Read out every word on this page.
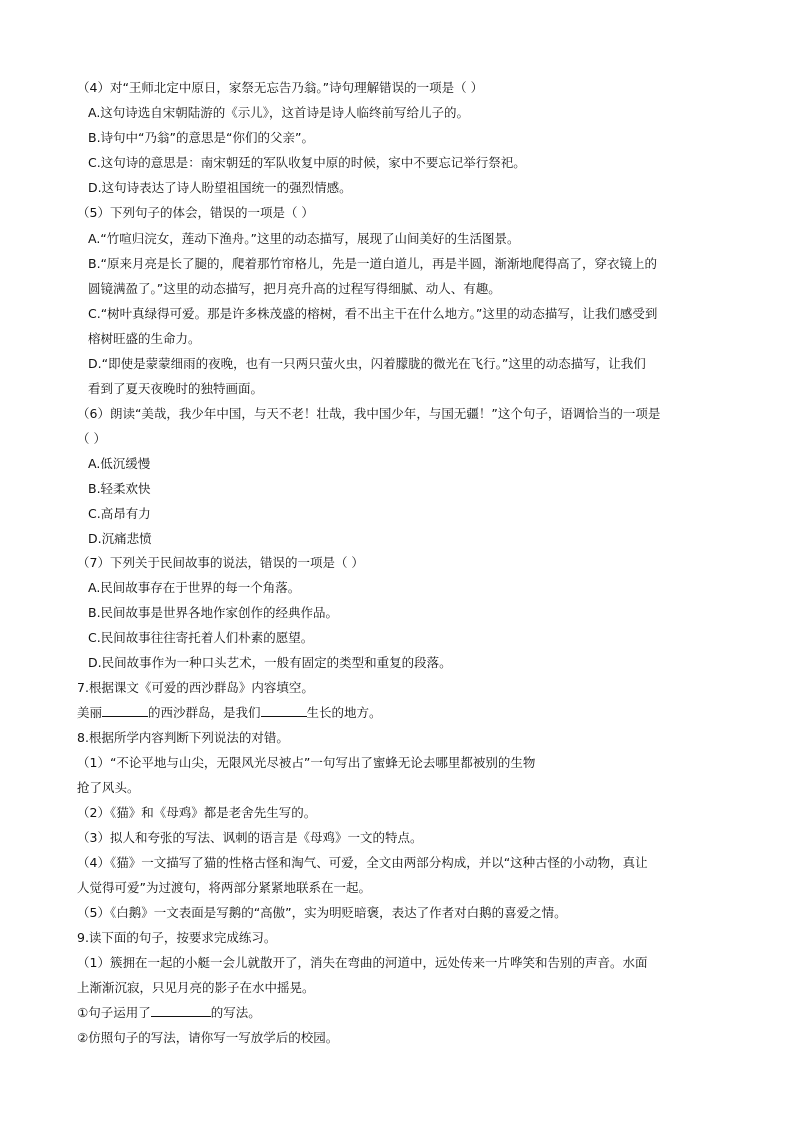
（4）对“王师北定中原日，家祭无忘告乃翁。”诗句理解错误的一项是（ ）
A.这句诗选自宋朝陆游的《示儿》，这首诗是诗人临终前写给儿子的。
B.诗句中“乃翁”的意思是“你们的父亲”。
C.这句诗的意思是：南宋朝廷的军队收复中原的时候，家中不要忘记举行祭祀。
D.这句诗表达了诗人盼望祖国统一的强烈情感。
（5）下列句子的体会，错误的一项是（ ）
A.“竹喧归浣女，莲动下渔舟。”这里的动态描写，展现了山间美好的生活图景。
B.“原来月亮是长了腿的，爬着那竹帘格儿，先是一道白道儿，再是半圆，渐渐地爬得高了，穿衣镜上的
圆镜满盈了。”这里的动态描写，把月亮升高的过程写得细腻、动人、有趣。
C.“树叶真绿得可爱。那是许多株茂盛的榕树，看不出主干在什么地方。”这里的动态描写，让我们感受到
榕树旺盛的生命力。
D.“即使是蒙蒙细雨的夜晚，也有一只两只萤火虫，闪着朦胧的微光在飞行。”这里的动态描写，让我们
看到了夏天夜晚时的独特画面。
（6）朗读“美哉，我少年中国，与天不老！壮哉，我中国少年，与国无疆！”这个句子，语调恰当的一项是
（ ）
A.低沉缓慢
B.轻柔欢快
C.高昂有力
D.沉痛悲愤
（7）下列关于民间故事的说法，错误的一项是（ ）
A.民间故事存在于世界的每一个角落。
B.民间故事是世界各地作家创作的经典作品。
C.民间故事往往寄托着人们朴素的愿望。
D.民间故事作为一种口头艺术，一般有固定的类型和重复的段落。
7.根据课文《可爱的西沙群岛》内容填空。
美丽	的西沙群岛，是我们	生长的地方。
8.根据所学内容判断下列说法的对错。
（1）“不论平地与山尖，无限风光尽被占”一句写出了蜜蜂无论去哪里都被别的生物
抢了风头。
（2）《猫》和《母鸡》都是老舍先生写的。
（3）拟人和夸张的写法、讽刺的语言是《母鸡》一文的特点。
（4）《猫》一文描写了猫的性格古怪和淘气、可爱，全文由两部分构成，并以“这种古怪的小动物，真让
人觉得可爱”为过渡句，将两部分紧紧地联系在一起。
（5）《白鹅》一文表面是写鹅的“高傲”，实为明贬暗褒，表达了作者对白鹅的喜爱之情。
9.读下面的句子，按要求完成练习。
（1）簇拥在一起的小艇一会儿就散开了，消失在弯曲的河道中，远处传来一片哗笑和告别的声音。水面
上渐渐沉寂，只见月亮的影子在水中摇晃。
①句子运用了	的写法。
②仿照句子的写法，请你写一写放学后的校园。
